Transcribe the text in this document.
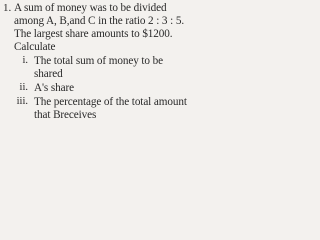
1. A sum of money was to be divided
among A, B,and C in the ratio 2 : 3 : 5.
The largest share amounts to $1200.
Calculate
i. The total sum of money to be
shared
ii. A's share
iii. The percentage of the total amount
that Breceives
